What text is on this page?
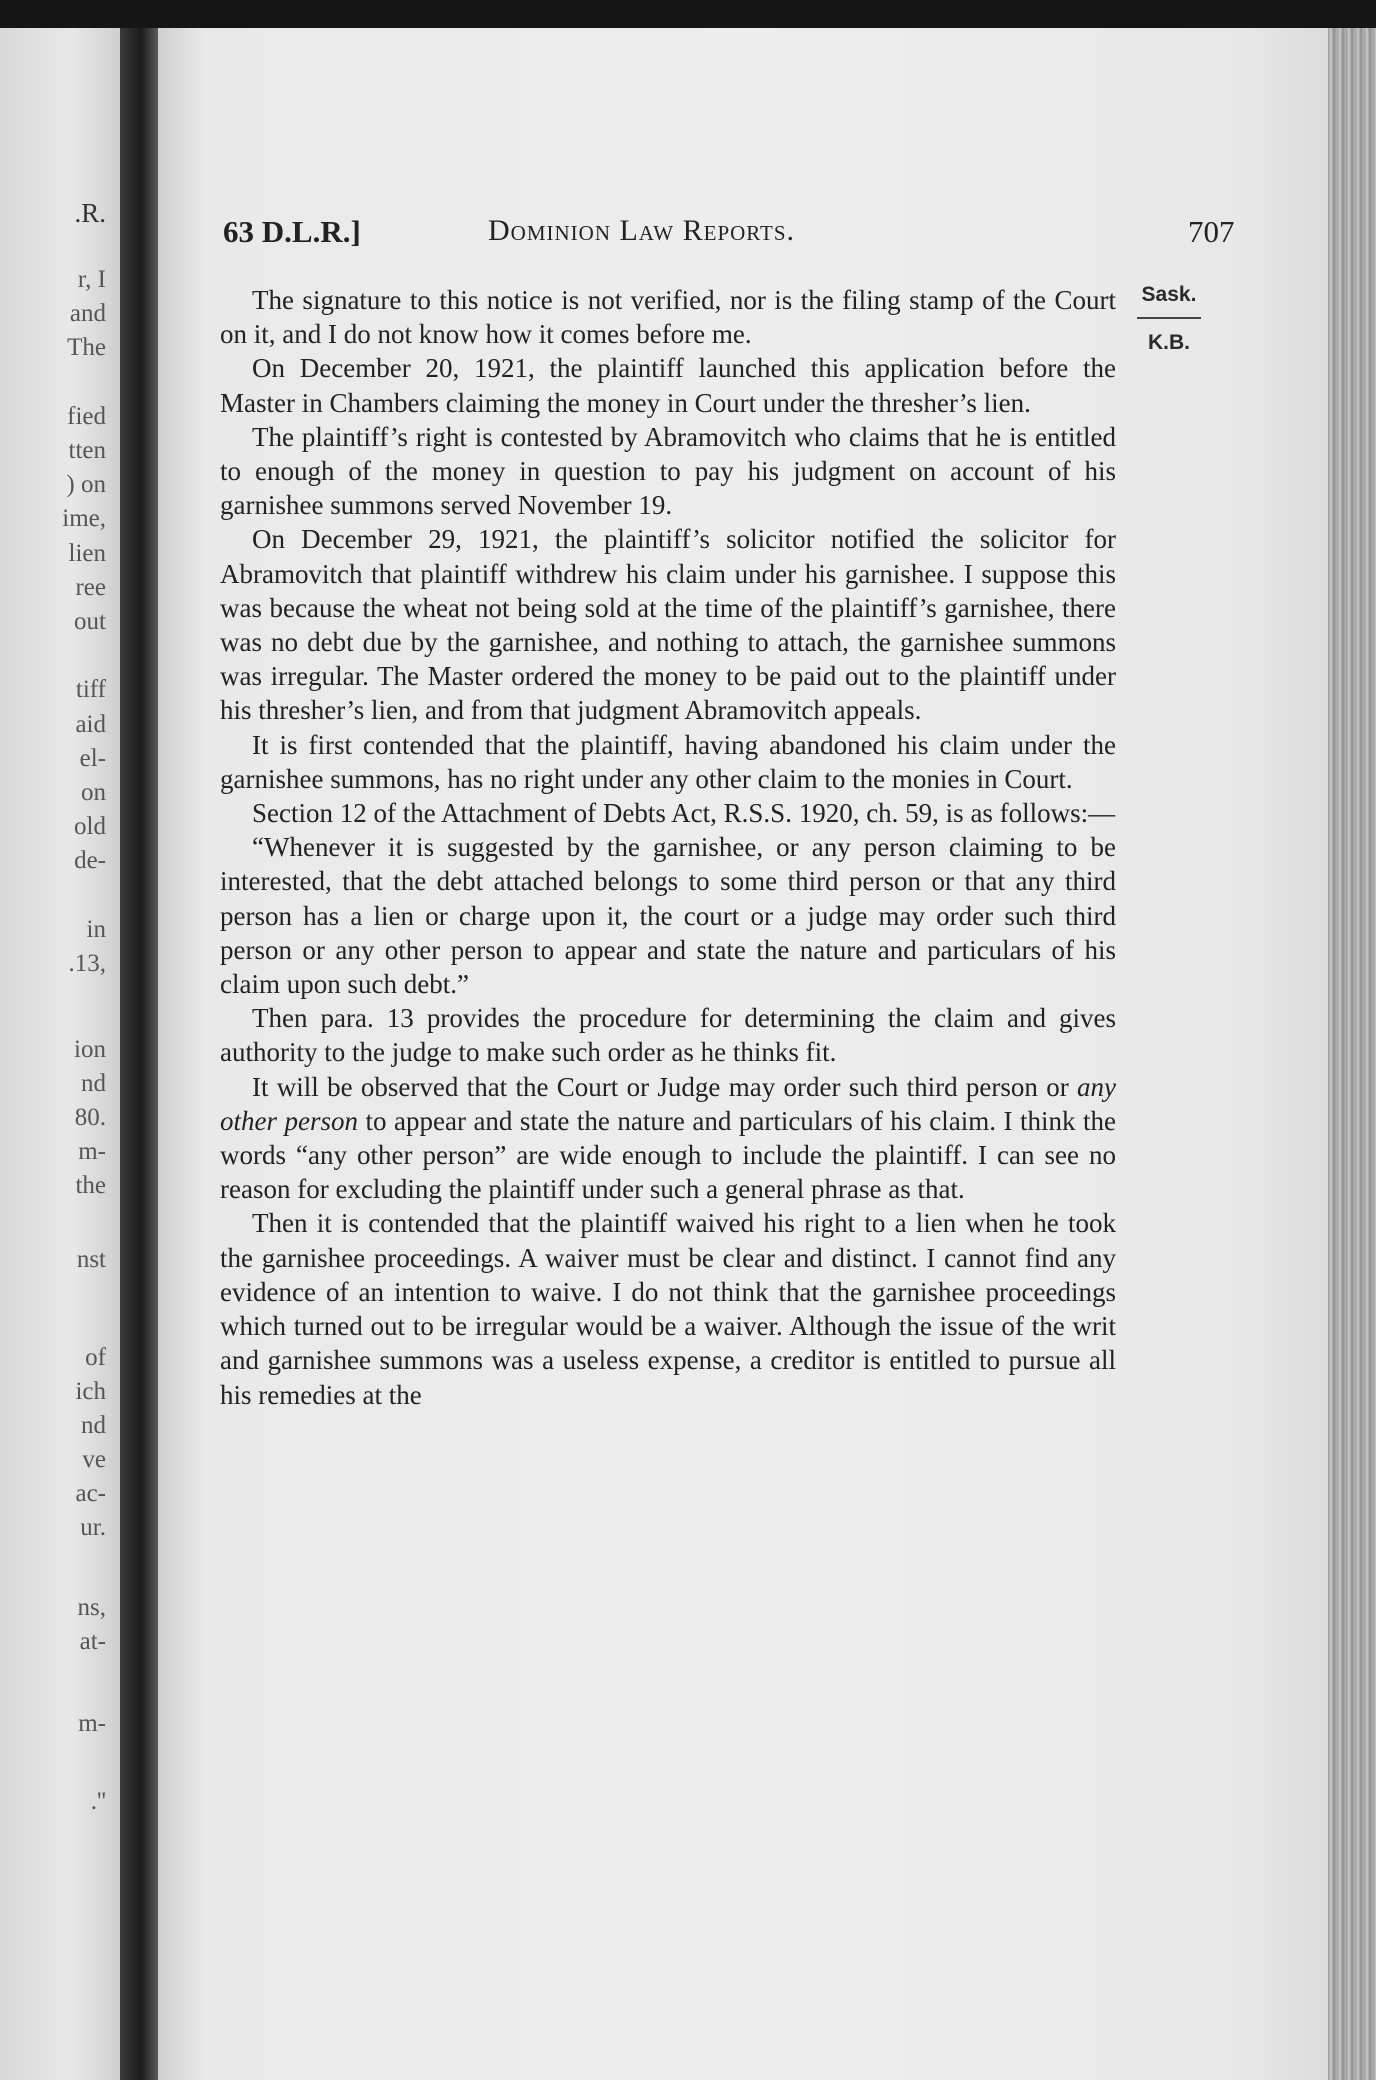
.R.
r, I
and
The
fied
tten
) on
ime,
lien
ree
out
tiff
aid
el-
on
old
de-
in
.13,
ion
nd
80.
m-
the
nst
of
ich
nd
ve
ac-
ur.
ns,
at-
m-
.''
63 D.L.R.]	Dominion Law Reports.	707
Sask.
K.B.

The signature to this notice is not verified, nor is the filing stamp of the Court on it, and I do not know how it comes before me.

On December 20, 1921, the plaintiff launched this application before the Master in Chambers claiming the money in Court under the thresher’s lien.

The plaintiff’s right is contested by Abramovitch who claims that he is entitled to enough of the money in question to pay his judgment on account of his garnishee summons served November 19.

On December 29, 1921, the plaintiff’s solicitor notified the solicitor for Abramovitch that plaintiff withdrew his claim under his garnishee. I suppose this was because the wheat not being sold at the time of the plaintiff’s garnishee, there was no debt due by the garnishee, and nothing to attach, the garnishee summons was irregular. The Master ordered the money to be paid out to the plaintiff under his thresher’s lien, and from that judgment Abramovitch appeals.

It is first contended that the plaintiff, having abandoned his claim under the garnishee summons, has no right under any other claim to the monies in Court.

Section 12 of the Attachment of Debts Act, R.S.S. 1920, ch. 59, is as follows:—

“Whenever it is suggested by the garnishee, or any person claiming to be interested, that the debt attached belongs to some third person or that any third person has a lien or charge upon it, the court or a judge may order such third person or any other person to appear and state the nature and particulars of his claim upon such debt.”

Then para. 13 provides the procedure for determining the claim and gives authority to the judge to make such order as he thinks fit.

It will be observed that the Court or Judge may order such third person or any other person to appear and state the nature and particulars of his claim. I think the words “any other person” are wide enough to include the plaintiff. I can see no reason for excluding the plaintiff under such a general phrase as that.

Then it is contended that the plaintiff waived his right to a lien when he took the garnishee proceedings. A waiver must be clear and distinct. I cannot find any evidence of an intention to waive. I do not think that the garnishee proceedings which turned out to be irregular would be a waiver. Although the issue of the writ and garnishee summons was a useless expense, a creditor is entitled to pursue all his remedies at the
